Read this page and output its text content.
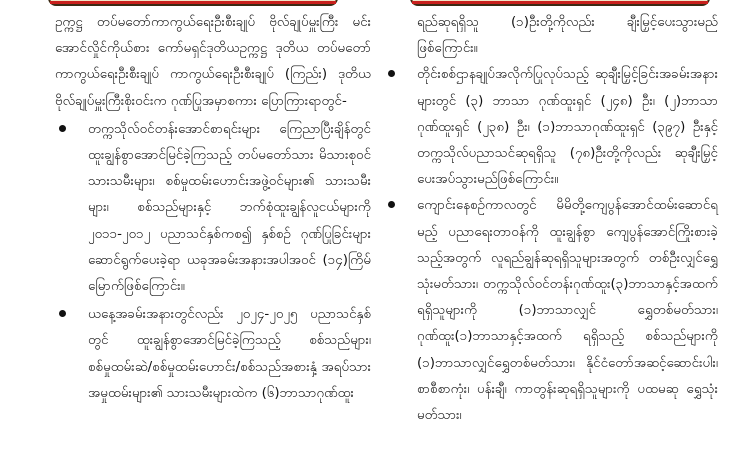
ဥက္ကဋ္ဌ တပ်မတော်ကာကွယ်ရေးဦးစီးချုပ် ဗိုလ်ချုပ်မှူးကြီး မင်းအောင်လှိုင်ကိုယ်စား ကော်မရှင်ဒုတိယဥက္ကဋ္ဌ ဒုတိယ တပ်မတော်ကာကွယ်ရေးဦးစီးချုပ် ကာကွယ်ရေးဦးစီးချုပ် (ကြည်း) ဒုတိယဗိုလ်ချုပ်မှူးကြီးစိုးဝင်းက ဂုဏ်ပြုအမှာစကား ပြောကြားရာတွင်-

တက္ကသိုလ်ဝင်တန်းအောင်စာရင်းများ ကြေညာပြီးချိန်တွင် ထူးချွန်စွာအောင်မြင်ခဲ့ကြသည့် တပ်မတော်သား မိသားစုဝင် သားသမီးများ၊ စစ်မှုထမ်းဟောင်းအဖွဲ့ဝင်များ၏ သားသမီးများ၊ စစ်သည်များနှင့် ဘက်စုံထူးချွန်လူငယ်များကို ၂၀၁၁-၂၀၁၂ ပညာသင်နှစ်ကစ၍ နှစ်စဉ် ဂုဏ်ပြုခြင်းများ ဆောင်ရွက်ပေးခဲ့ရာ ယခုအခမ်းအနားအပါအဝင် (၁၄)ကြိမ်မြောက်ဖြစ်ကြောင်း။
ယနေ့အခမ်းအနားတွင်လည်း ၂၀၂၄-၂၀၂၅ ပညာသင်နှစ်တွင် ထူးချွန်စွာအောင်မြင်ခဲ့ကြသည့် စစ်သည်များ၊ စစ်မှုထမ်းဆဲ/စစ်မှုထမ်းဟောင်း/စစ်သည်အစားနှံ့ အရပ်သား အမှုထမ်းများ၏ သားသမီးများထဲက (၆)ဘာသာဂုဏ်ထူး

ရည်ဆုရရှိသူ (၁)ဦးတို့ကိုလည်း ချီးမြှင့်ပေးသွားမည်ဖြစ်ကြောင်း။

တိုင်းစစ်ဌာနချုပ်အလိုက်ပြုလုပ်သည့် ဆုချီးမြှင့်ခြင်းအခမ်းအနားများတွင် (၃) ဘာသာ ဂုဏ်ထူးရှင် (၂၄၈) ဦး၊ (၂)ဘာသာဂုဏ်ထူးရှင် (၂၃၈) ဦး၊ (၁)ဘာသာဂုဏ်ထူးရှင် (၃၉၇) ဦးနှင့် တက္ကသိုလ်ပညာသင်ဆုရရှိသူ (၇၈)ဦးတို့ကိုလည်း ဆုချီးမြှင့်ပေးအပ်သွားမည်ဖြစ်ကြောင်း။
ကျောင်းနေစဉ်ကာလတွင် မိမိတို့ကျေပွန်အောင်ထမ်းဆောင်ရမည့် ပညာရေးတာဝန်ကို ထူးချွန်စွာ ကျေပွန်အောင်ကြိုးစားခဲ့သည့်အတွက် လူရည်ချွန်ဆုရရှိသူများအတွက် တစ်ဦးလျှင်ရွှေသုံးမတ်သား၊ တက္ကသိုလ်ဝင်တန်းဂုဏ်ထူး(၃)ဘာသာနှင့်အထက် ရရှိသူများကို (၁)ဘာသာလျှင် ရွှေတစ်မတ်သား၊ ဂုဏ်ထူး(၁)ဘာသာနှင့်အထက် ရရှိသည့် စစ်သည်များကို (၁)ဘာသာလျှင်ရွှေတစ်မတ်သား၊ နိုင်ငံတော်အဆင့်ဆောင်းပါး၊ စာစီစာကုံး၊ ပန်းချီ၊ ကာတွန်းဆုရရှိသူများကို ပထမဆု ရွှေသုံးမတ်သား၊
